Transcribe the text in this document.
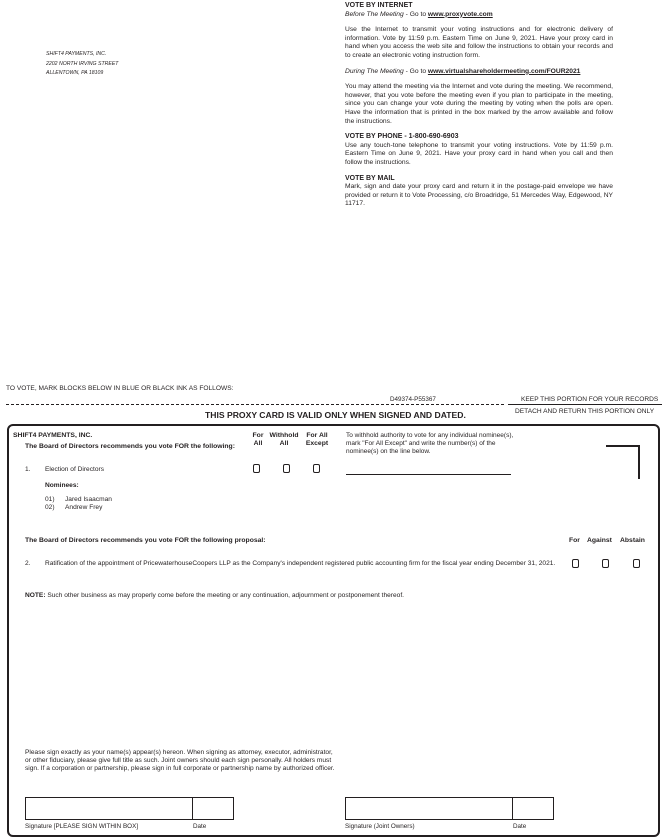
SHIFT4 PAYMENTS, INC.
2202 NORTH IRVING STREET
ALLENTOWN, PA 18109
VOTE BY INTERNET
Before The Meeting - Go to www.proxyvote.com

Use the Internet to transmit your voting instructions and for electronic delivery of information. Vote by 11:59 p.m. Eastern Time on June 9, 2021. Have your proxy card in hand when you access the web site and follow the instructions to obtain your records and to create an electronic voting instruction form.

During The Meeting - Go to www.virtualshareholdermeeting.com/FOUR2021

You may attend the meeting via the Internet and vote during the meeting. We recommend, however, that you vote before the meeting even if you plan to participate in the meeting, since you can change your vote during the meeting by voting when the polls are open. Have the information that is printed in the box marked by the arrow available and follow the instructions.

VOTE BY PHONE - 1-800-690-6903

Use any touch-tone telephone to transmit your voting instructions. Vote by 11:59 p.m. Eastern Time on June 9, 2021. Have your proxy card in hand when you call and then follow the instructions.

VOTE BY MAIL

Mark, sign and date your proxy card and return it in the postage-paid envelope we have provided or return it to Vote Processing, c/o Broadridge, 51 Mercedes Way, Edgewood, NY 11717.
TO VOTE, MARK BLOCKS BELOW IN BLUE OR BLACK INK AS FOLLOWS:
D49374-P55367	KEEP THIS PORTION FOR YOUR RECORDS
DETACH AND RETURN THIS PORTION ONLY
THIS PROXY CARD IS VALID ONLY WHEN SIGNED AND DATED.
SHIFT4 PAYMENTS, INC.
The Board of Directors recommends you vote FOR the following:
For All
Withhold All
For All Except
1. Election of Directors
Nominees:
01) Jared Isaacman
02) Andrew Frey
To withhold authority to vote for any individual nominee(s), mark "For All Except" and write the number(s) of the nominee(s) on the line below.
The Board of Directors recommends you vote FOR the following proposal:	For Against Abstain
2. Ratification of the appointment of PricewaterhouseCoopers LLP as the Company's independent registered public accounting firm for the fiscal year ending December 31, 2021.
NOTE: Such other business as may properly come before the meeting or any continuation, adjournment or postponement thereof.
Please sign exactly as your name(s) appear(s) hereon. When signing as attorney, executor, administrator, or other fiduciary, please give full title as such. Joint owners should each sign personally. All holders must sign. If a corporation or partnership, please sign in full corporate or partnership name by authorized officer.
Signature [PLEASE SIGN WITHIN BOX]	Date	Signature (Joint Owners)	Date
